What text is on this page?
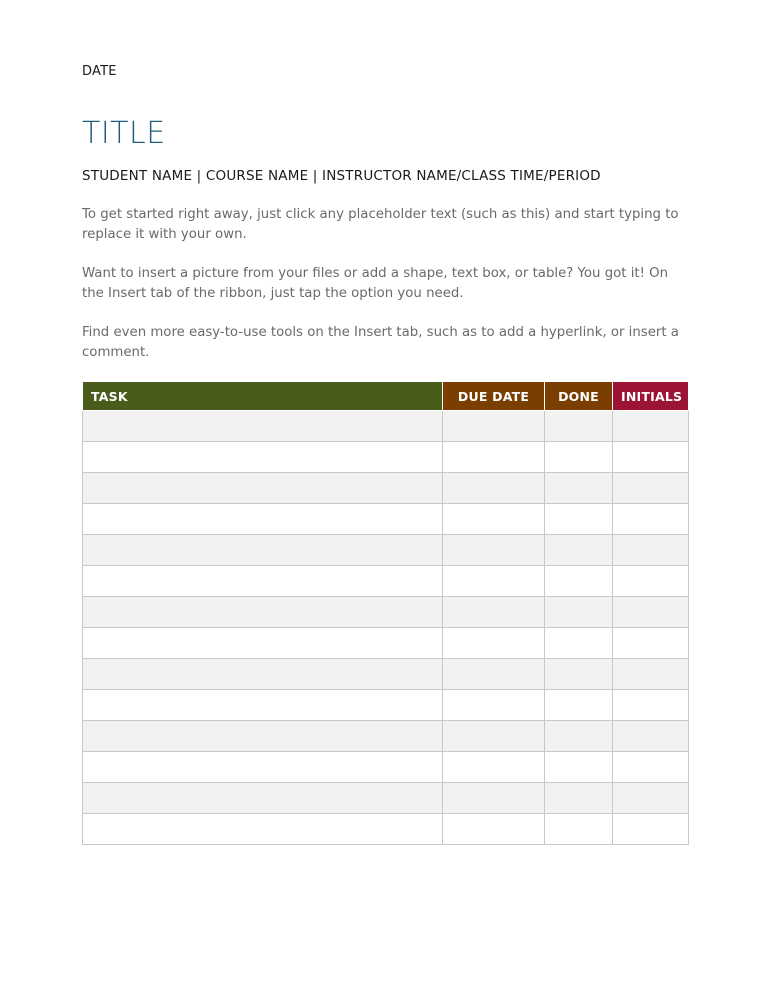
DATE
TITLE
STUDENT NAME | COURSE NAME | INSTRUCTOR NAME/CLASS TIME/PERIOD
To get started right away, just click any placeholder text (such as this) and start typing to replace it with your own.
Want to insert a picture from your files or add a shape, text box, or table? You got it! On the Insert tab of the ribbon, just tap the option you need.
Find even more easy-to-use tools on the Insert tab, such as to add a hyperlink, or insert a comment.
TASK	DUE DATE	DONE	INITIALS
